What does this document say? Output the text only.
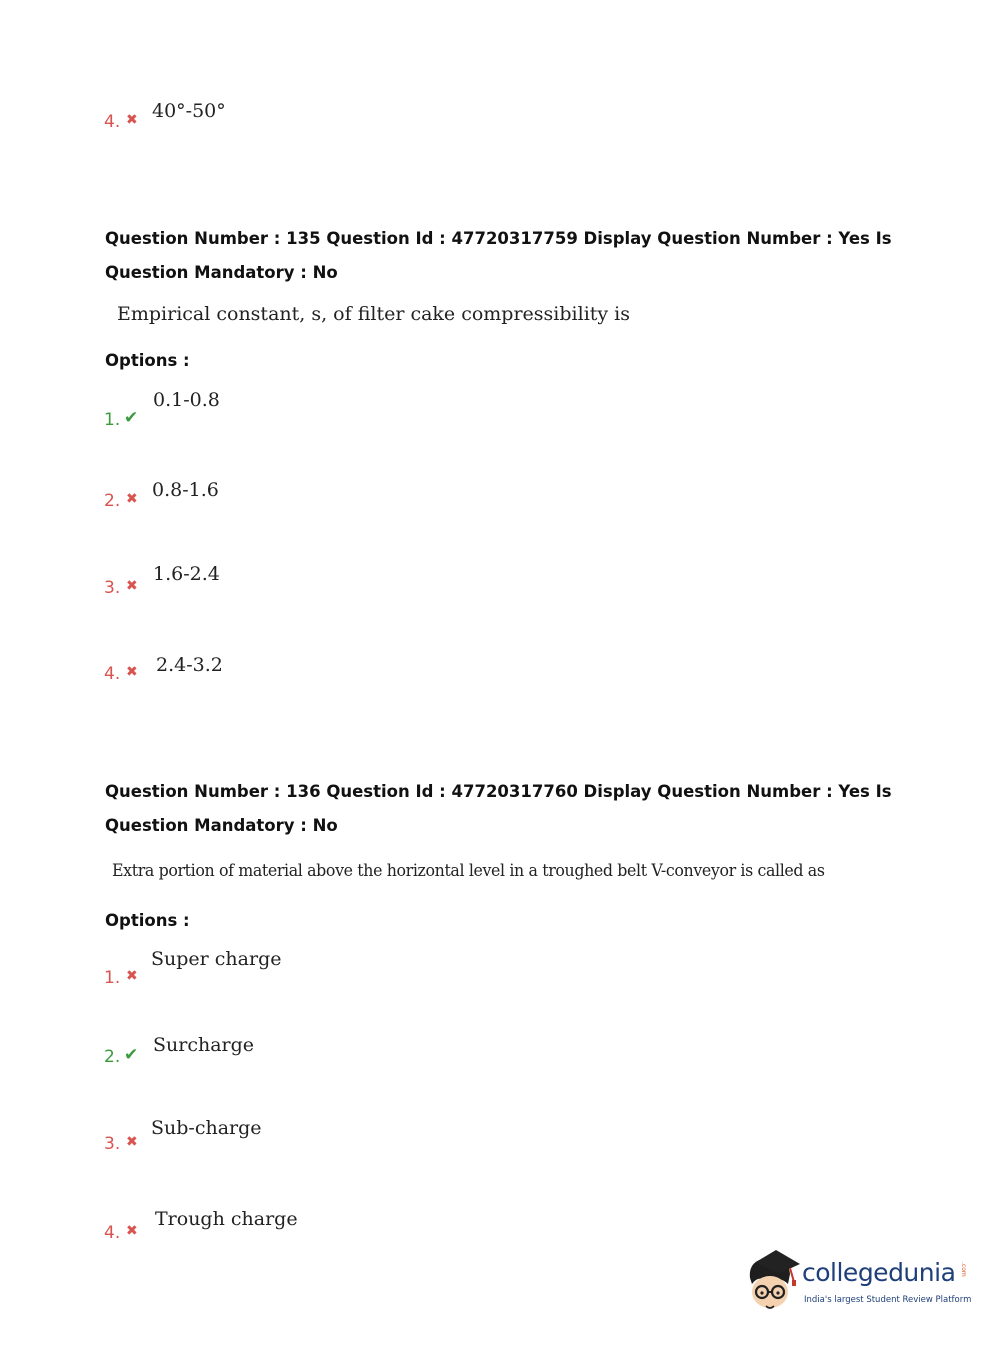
4. ✖ 40°-50°
Question Number : 135 Question Id : 47720317759 Display Question Number : Yes Is Question Mandatory : No
Empirical constant, s, of filter cake compressibility is
Options :
1. ✔
0.1-0.8
2. ✖ 0.8-1.6
3. ✖
1.6-2.4
4. ✖ 2.4-3.2
Question Number : 136 Question Id : 47720317760 Display Question Number : Yes Is Question Mandatory : No
Extra portion of material above the horizontal level in a troughed belt V-conveyor is called as
Options :
1. ✖
Super charge
2. ✔ Surcharge
3. ✖
Sub-charge
4. ✖
Trough charge
collegedunia .com
India's largest Student Review Platform
